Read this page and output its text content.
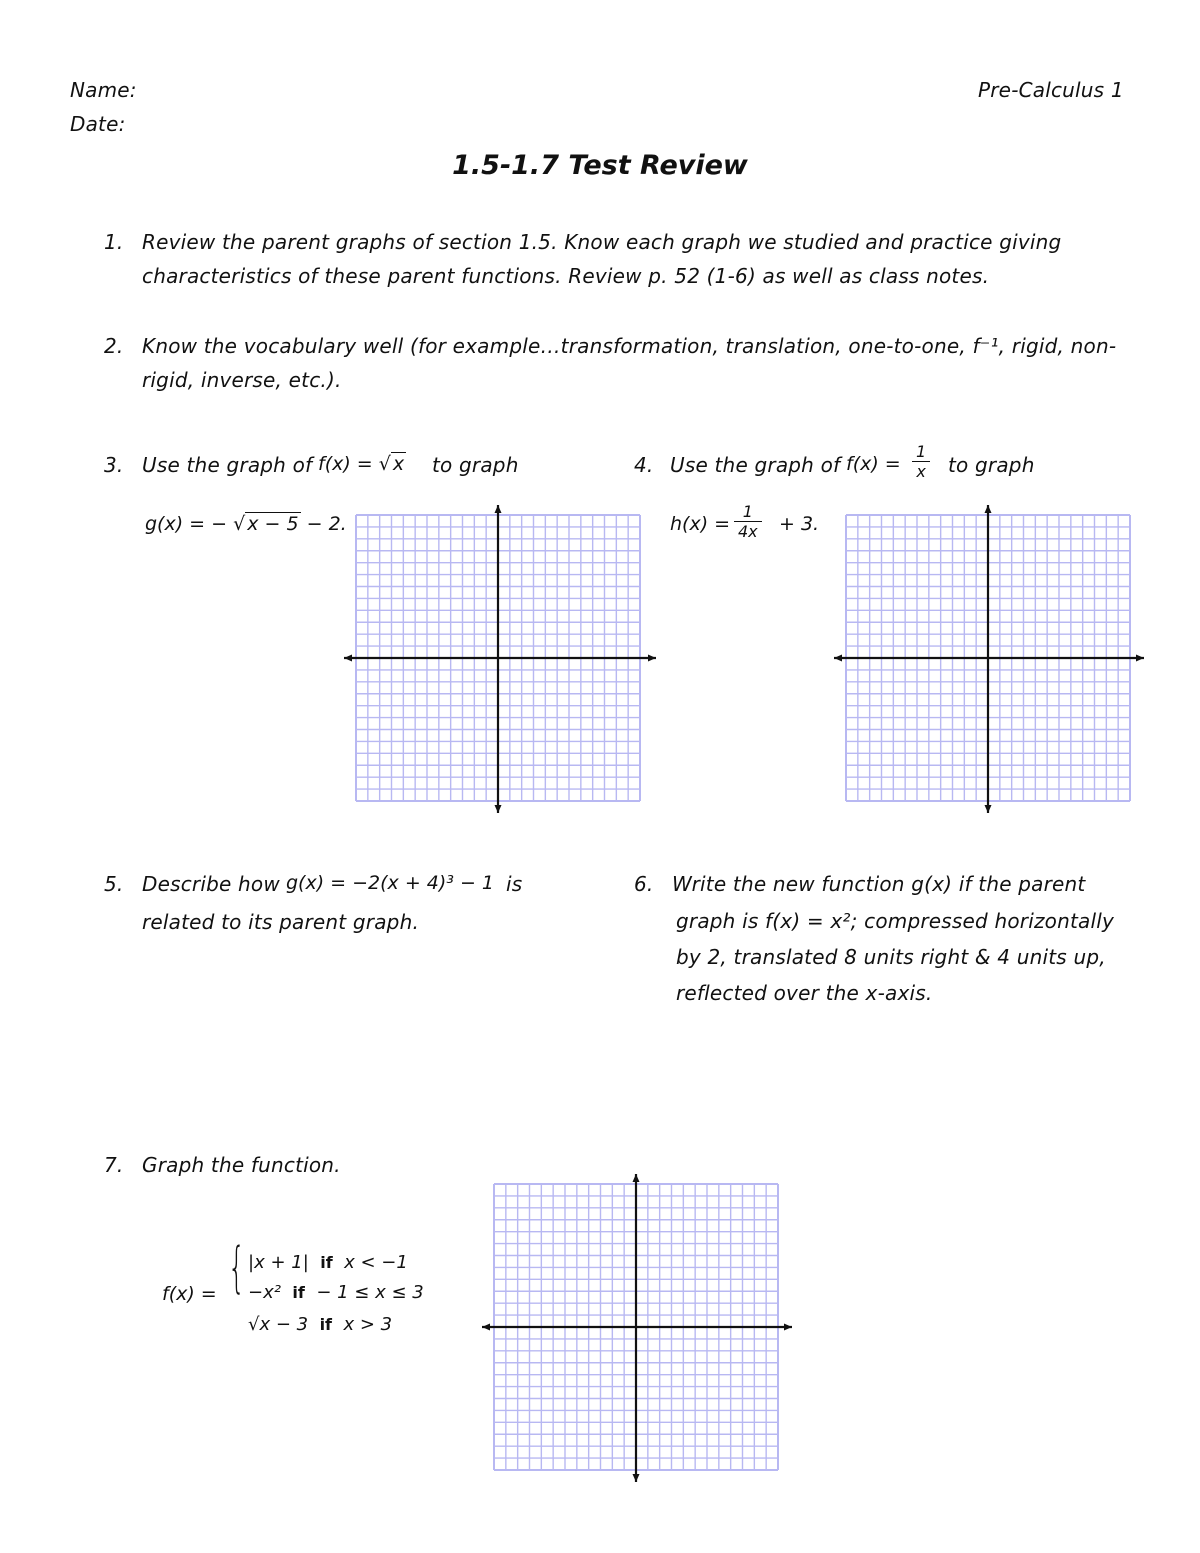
Name:
Date:
Pre-Calculus 1
1.5-1.7 Test Review
1. Review the parent graphs of section 1.5. Know each graph we studied and practice giving
characteristics of these parent functions. Review p. 52 (1-6) as well as class notes.
2. Know the vocabulary well (for example…transformation, translation, one-to-one, f⁻¹, rigid, non-
rigid, inverse, etc.).
3. Use the graph of f(x) = √ x to graph
g(x) = − √ x − 5 − 2.
4. Use the graph of $f(x) = \frac{1}{x}$ to graph
$h(x) = \frac{1}{4x} + 3$.
5. Describe how g(x) = −2(x + 4)³ − 1 is
related to its parent graph.
6. Write the new function g(x) if the parent
graph is f(x) = x²; compressed horizontally
by 2, translated 8 units right & 4 units up,
reflected over the x-axis.
7. Graph the function.
f(x) = { |x + 1| if x < −1
−x² if − 1 ≤ x ≤ 3
√x − 3 if x > 3
